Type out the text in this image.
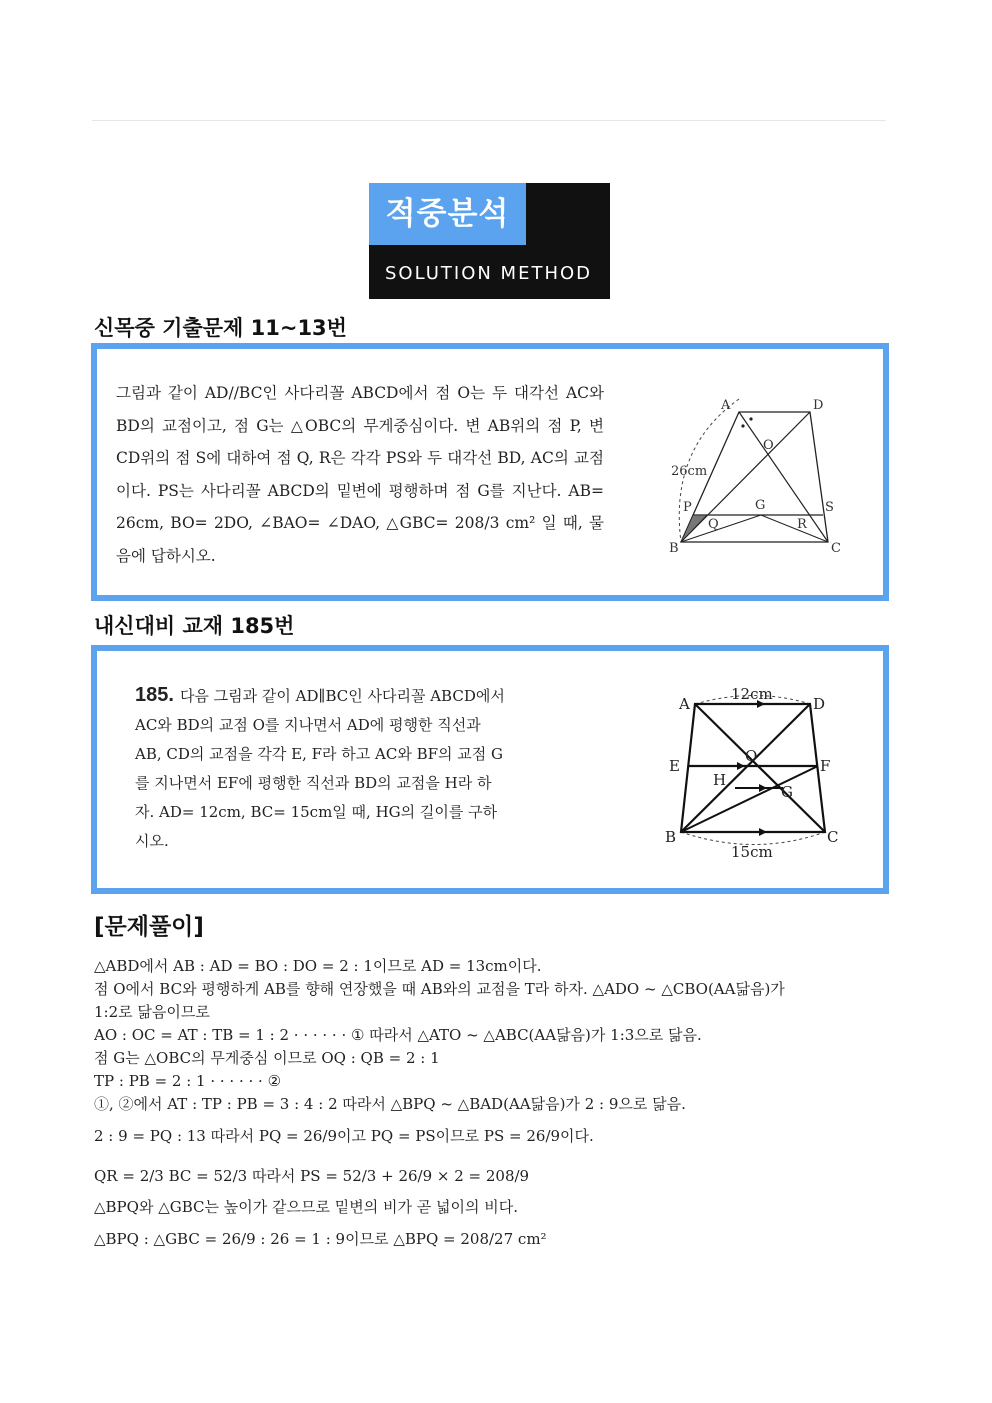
적중분석
SOLUTION METHOD
신목중 기출문제 11~13번
그림과 같이 AD//BC인 사다리꼴 ABCD에서 점 O는 두 대각선 AC와 BD의 교점이고, 점 G는 △OBC의 무게중심이다. 변 AB위의 점 P, 변 CD위의 점 S에 대하여 점 Q, R은 각각 PS와 두 대각선 BD, AC의 교점이다. PS는 사다리꼴 ABCD의 밑변에 평행하며 점 G를 지난다. AB= 26cm, BO= 2DO, ∠BAO= ∠DAO, △GBC= 208/3 cm² 일 때, 물음에 답하시오.
A	D
O
G	S
P
Q	R
B	C
26cm
내신대비 교재 185번
185. 다음 그림과 같이 AD∥BC인 사다리꼴 ABCD에서 AC와 BD의 교점 O를 지나면서 AD에 평행한 직선과 AB, CD의 교점을 각각 E, F라 하고 AC와 BF의 교점 G를 지나면서 EF에 평행한 직선과 BD의 교점을 H라 하자. AD= 12cm, BC= 15cm일 때, HG의 길이를 구하시오.
A	D
E	F
O
H
G
B	C
12cm
15cm
[문제풀이]
△ABD에서 AB : AD = BO : DO = 2 : 1이므로 AD = 13cm이다.
점 O에서 BC와 평행하게 AB를 향해 연장했을 때 AB와의 교점을 T라 하자. △ADO ~ △CBO(AA닮음)가
1:2로 닮음이므로
AO : OC = AT : TB = 1 : 2 · · · · · · ① 따라서 △ATO ~ △ABC(AA닮음)가 1:3으로 닮음.
점 G는 △OBC의 무게중심 이므로 OQ : QB = 2 : 1
TP : PB = 2 : 1 · · · · · · ②
①, ②에서 AT : TP : PB = 3 : 4 : 2 따라서 △BPQ ~ △BAD(AA닮음)가 2 : 9으로 닮음.
2 : 9 = PQ : 13 따라서 PQ = 26/9이고 PQ = PS이므로 PS = 26/9이다.
QR = 2/3 BC = 52/3 따라서 PS = 52/3 + 26/9 × 2 = 208/9
△BPQ와 △GBC는 높이가 같으므로 밑변의 비가 곧 넓이의 비다.
△BPQ : △GBC = 26/9 : 26 = 1 : 9이므로 △BPQ = 208/27 cm²
